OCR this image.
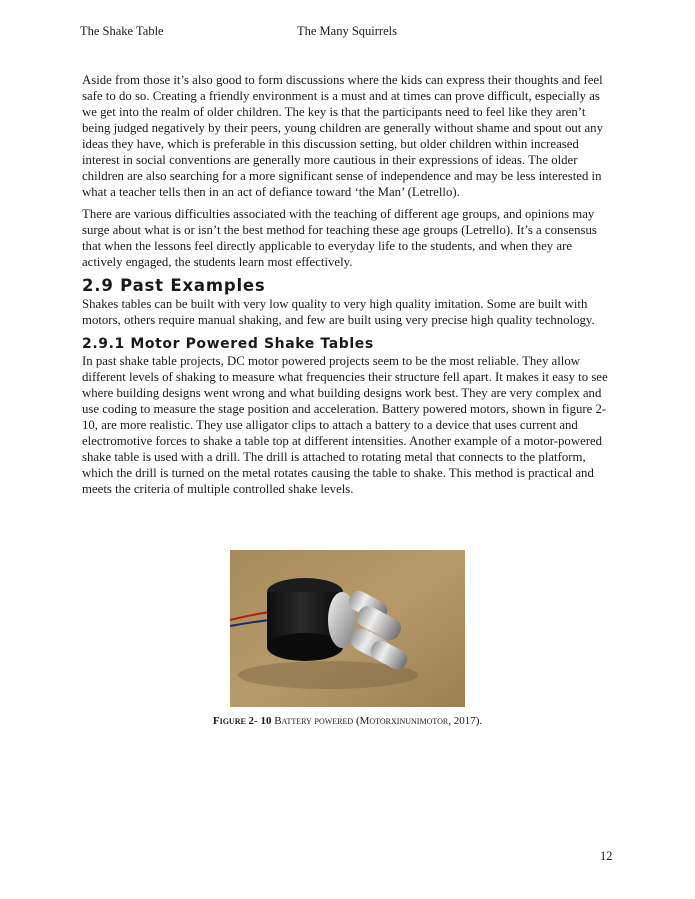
The Shake Table	The Many Squirrels

Aside from those it’s also good to form discussions where the kids can express their thoughts and feel safe to do so. Creating a friendly environment is a must and at times can prove difficult, especially as we get into the realm of older children. The key is that the participants need to feel like they aren’t being judged negatively by their peers, young children are generally without shame and spout out any ideas they have, which is preferable in this discussion setting, but older children within increased interest in social conventions are generally more cautious in their expressions of ideas. The older children are also searching for a more significant sense of independence and may be less interested in what a teacher tells then in an act of defiance toward ‘the Man’ (Letrello).

There are various difficulties associated with the teaching of different age groups, and opinions may surge about what is or isn’t the best method for teaching these age groups (Letrello). It’s a consensus that when the lessons feel directly applicable to everyday life to the students, and when they are actively engaged, the students learn most effectively.

2.9 Past Examples

Shakes tables can be built with very low quality to very high quality imitation. Some are built with motors, others require manual shaking, and few are built using very precise high quality technology.

2.9.1 Motor Powered Shake Tables

In past shake table projects, DC motor powered projects seem to be the most reliable. They allow different levels of shaking to measure what frequencies their structure fell apart. It makes it easy to see where building designs went wrong and what building designs work best. They are very complex and use coding to measure the stage position and acceleration. Battery powered motors, shown in figure 2-10, are more realistic. They use alligator clips to attach a battery to a device that uses current and electromotive forces to shake a table top at different intensities. Another example of a motor-powered shake table is used with a drill. The drill is attached to rotating metal that connects to the platform, which the drill is turned on the metal rotates causing the table to shake. This method is practical and meets the criteria of multiple controlled shake levels.

Figure 2- 10 Battery powered (Motorxinunimotor, 2017).
12
